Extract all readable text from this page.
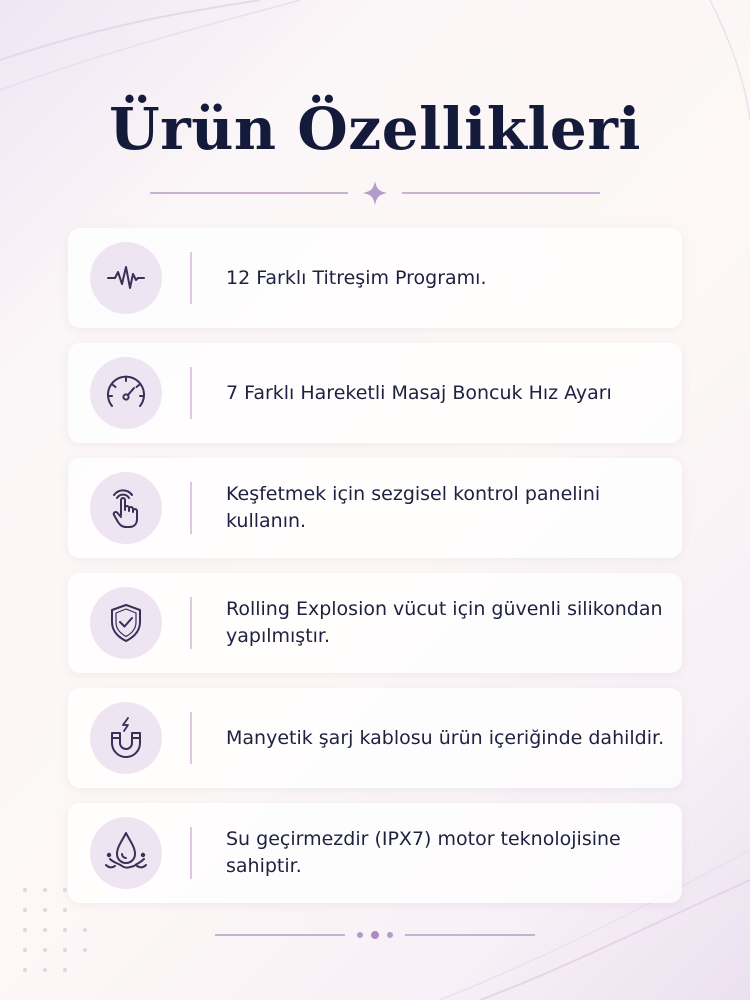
Ürün Özellikleri
12 Farklı Titreşim Programı.
7 Farklı Hareketli Masaj Boncuk Hız Ayarı
Keşfetmek için sezgisel kontrol panelini kullanın.
Rolling Explosion vücut için güvenli silikondan yapılmıştır.
Manyetik şarj kablosu ürün içeriğinde dahildir.
Su geçirmezdir (IPX7) motor teknolojisine sahiptir.
